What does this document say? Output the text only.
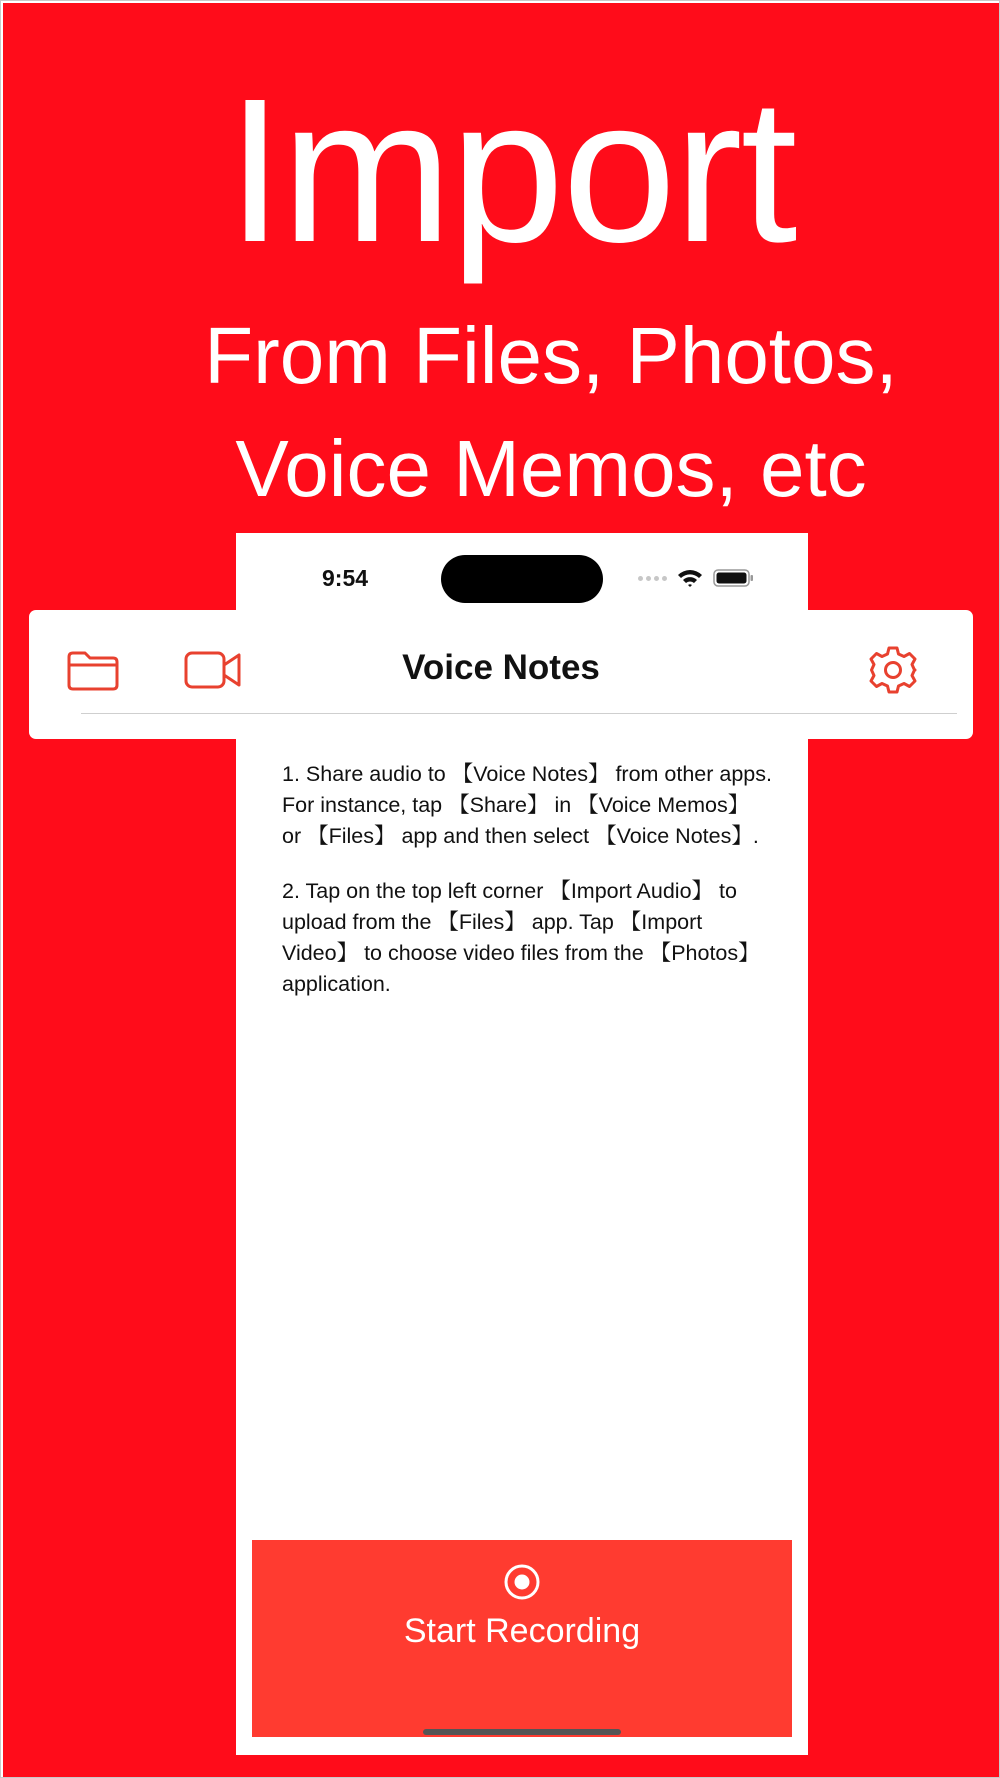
Import
From Files, Photos,
Voice Memos, etc
9:54
Voice Notes

1. Share audio to 【Voice Notes】 from other apps. For instance, tap 【Share】 in 【Voice Memos】 or 【Files】 app and then select 【Voice Notes】.

2. Tap on the top left corner 【Import Audio】 to upload from the 【Files】 app. Tap 【Import Video】 to choose video files from the 【Photos】 application.

Start Recording
